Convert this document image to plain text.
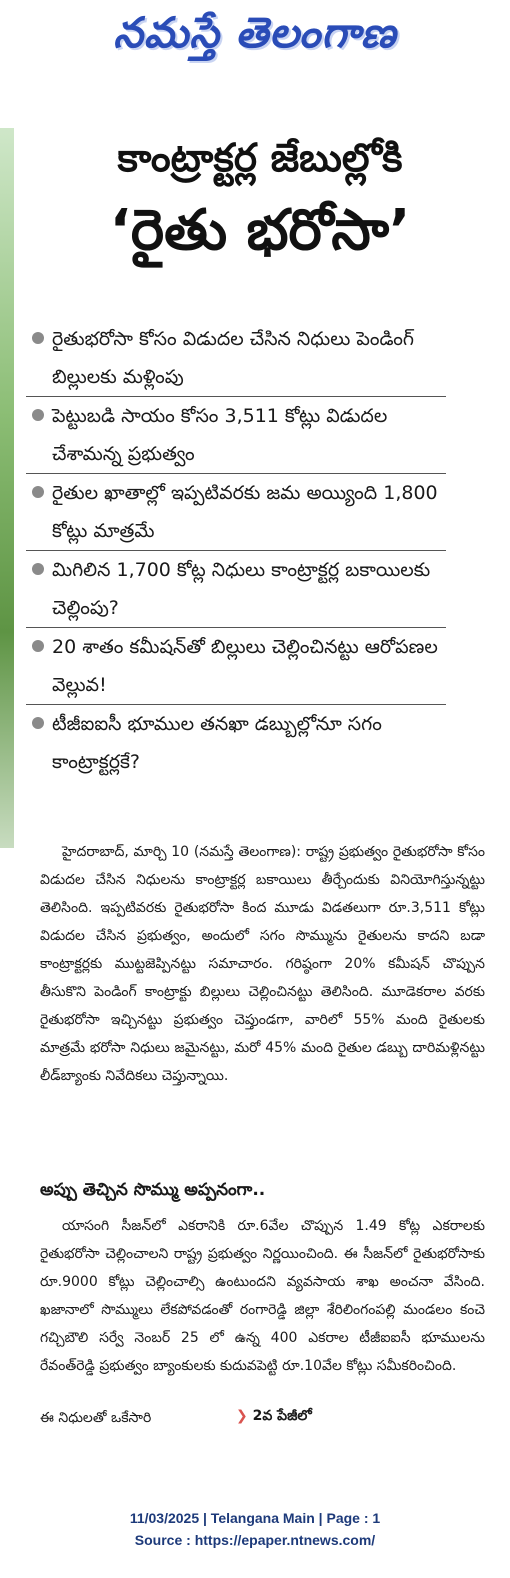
నమస్తే తెలంగాణ
కాంట్రాక్టర్ల జేబుల్లోకి
‘రైతు భరోసా’
రైతుభరోసా కోసం విడుదల చేసిన నిధులు పెండింగ్ బిల్లులకు మళ్లింపు
పెట్టుబడి సాయం కోసం 3,511 కోట్లు విడుదల చేశామన్న ప్రభుత్వం
రైతుల ఖాతాల్లో ఇప్పటివరకు జమ అయ్యింది 1,800 కోట్లు మాత్రమే
మిగిలిన 1,700 కోట్ల నిధులు కాంట్రాక్టర్ల బకాయిలకు చెల్లింపు?
20 శాతం కమీషన్‌తో బిల్లులు చెల్లించినట్టు ఆరోపణల వెల్లువ!
టీజీఐఐసీ భూముల తనఖా డబ్బుల్లోనూ సగం కాంట్రాక్టర్లకే?
హైదరాబాద్, మార్చి 10 (నమస్తే తెలంగాణ): రాష్ట్ర ప్రభుత్వం రైతుభరోసా కోసం విడుదల చేసిన నిధులను కాంట్రాక్టర్ల బకాయిలు తీర్చేందుకు వినియోగిస్తున్నట్టు తెలిసింది. ఇప్పటివరకు రైతుభరోసా కింద మూడు విడతలుగా రూ.3,511 కోట్లు విడుదల చేసిన ప్రభుత్వం, అందులో సగం సొమ్మును రైతులను కాదని బడా కాంట్రాక్టర్లకు ముట్టజెప్పినట్టు సమాచారం. గరిష్ఠంగా 20% కమీషన్ చొప్పున తీసుకొని పెండింగ్ కాంట్రాక్టు బిల్లులు చెల్లించినట్టు తెలిసింది. మూడెకరాల వరకు రైతుభరోసా ఇచ్చినట్టు ప్రభుత్వం చెప్తుండగా, వారిలో 55% మంది రైతులకు మాత్రమే భరోసా నిధులు జమైనట్టు, మరో 45% మంది రైతుల డబ్బు దారిమళ్లినట్టు లీడ్‌బ్యాంకు నివేదికలు చెప్తున్నాయి.
అప్పు తెచ్చిన సొమ్ము అప్పనంగా..
యాసంగి సీజన్‌లో ఎకరానికి రూ.6వేల చొప్పున 1.49 కోట్ల ఎకరాలకు రైతుభరోసా చెల్లించాలని రాష్ట్ర ప్రభుత్వం నిర్ణయించింది. ఈ సీజన్‌లో రైతుభరోసాకు రూ.9000 కోట్లు చెల్లించాల్సి ఉంటుందని వ్యవసాయ శాఖ అంచనా వేసింది. ఖజానాలో సొమ్ములు లేకపోవడంతో రంగారెడ్డి జిల్లా శేరిలింగంపల్లి మండలం కంచె గచ్చిబౌలి సర్వే నెంబర్ 25 లో ఉన్న 400 ఎకరాల టీజీఐఐసీ భూములను రేవంత్‌రెడ్డి ప్రభుత్వం బ్యాంకులకు కుదువపెట్టి రూ.10వేల కోట్లు సమీకరించింది.
ఈ నిధులతో ఒకేసారి	❯ 2వ పేజీలో
11/03/2025 | Telangana Main | Page : 1
Source : https://epaper.ntnews.com/
